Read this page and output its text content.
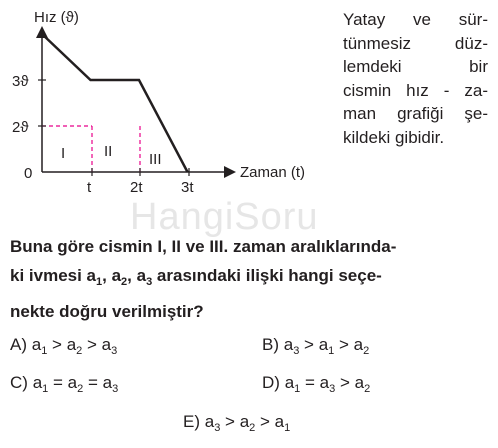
Hız (ϑ)
Zaman (t)
3ϑ
2ϑ
0
t	2t	3t
I	II III
Yatay ve sür-
tünmesiz düz-
lemdeki bir
cismin hız - za-
man grafiği şe-
kildeki gibidir.
HangiSoru
Buna göre cismin I, II ve III. zaman aralıklarında-
ki ivmesi $a_1$, $a_2$, $a_3$ arasındaki ilişki hangi seçe-
nekte doğru verilmiştir?
A) $a_1 > a_2 > a_3$	B) $a_3 > a_1 > a_2$
C) $a_1 = a_2 = a_3$	D) $a_1 = a_3 > a_2$
E) $a_3 > a_2 > a_1$
